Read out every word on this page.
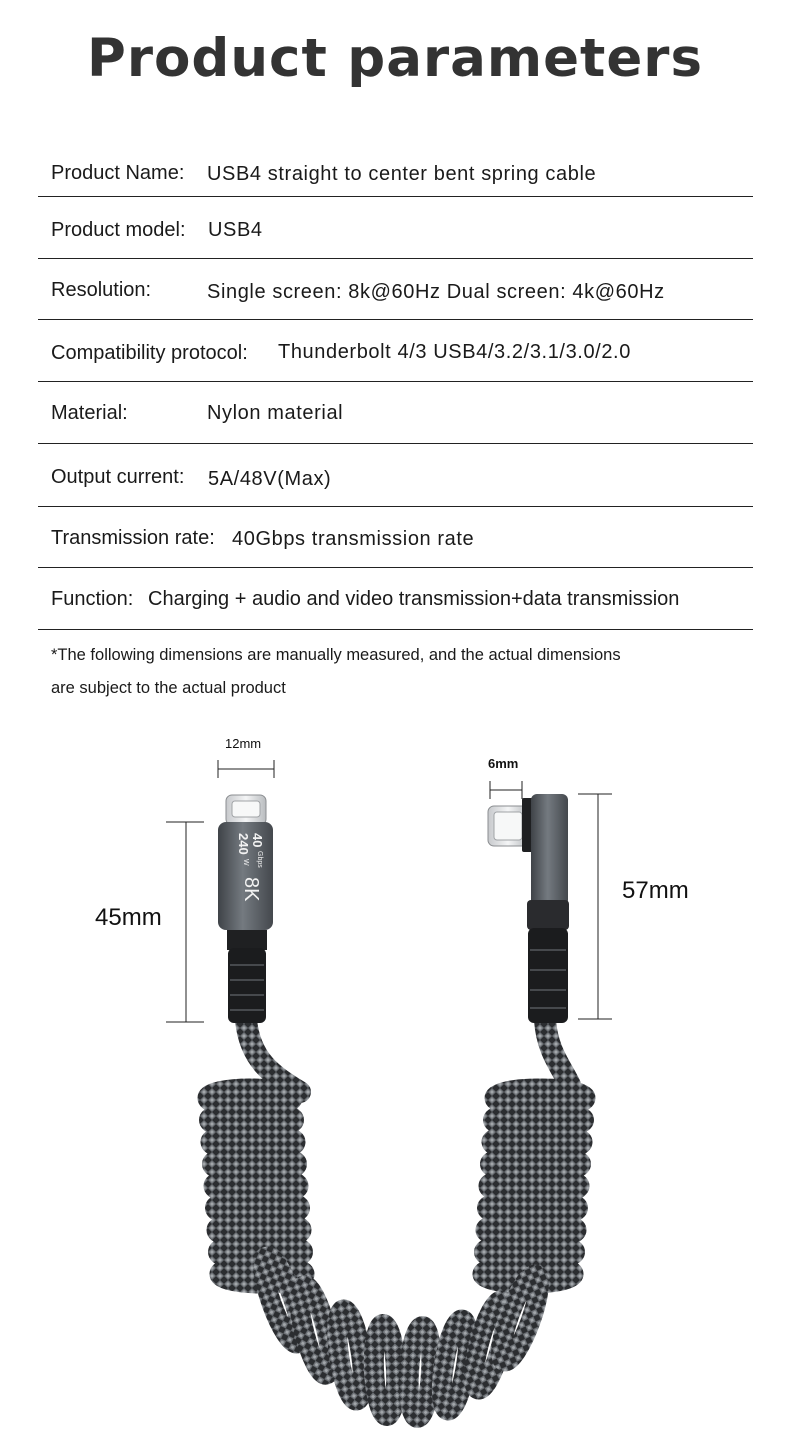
Product parameters
Product Name: USB4 straight to center bent spring cable
Product model: USB4
Resolution:	Single screen: 8k@60Hz Dual screen: 4k@60Hz
Compatibility protocol: Thunderbolt 4/3 USB4/3.2/3.1/3.0/2.0
Material:	Nylon material
Output current: 5A/48V(Max)
Transmission rate: 40Gbps transmission rate
Function: Charging + audio and video transmission+data transmission
*The following dimensions are manually measured, and the actual dimensions
are subject to the actual product
40
Gbps
240
W
8K
12mm
6mm
45mm
57mm
